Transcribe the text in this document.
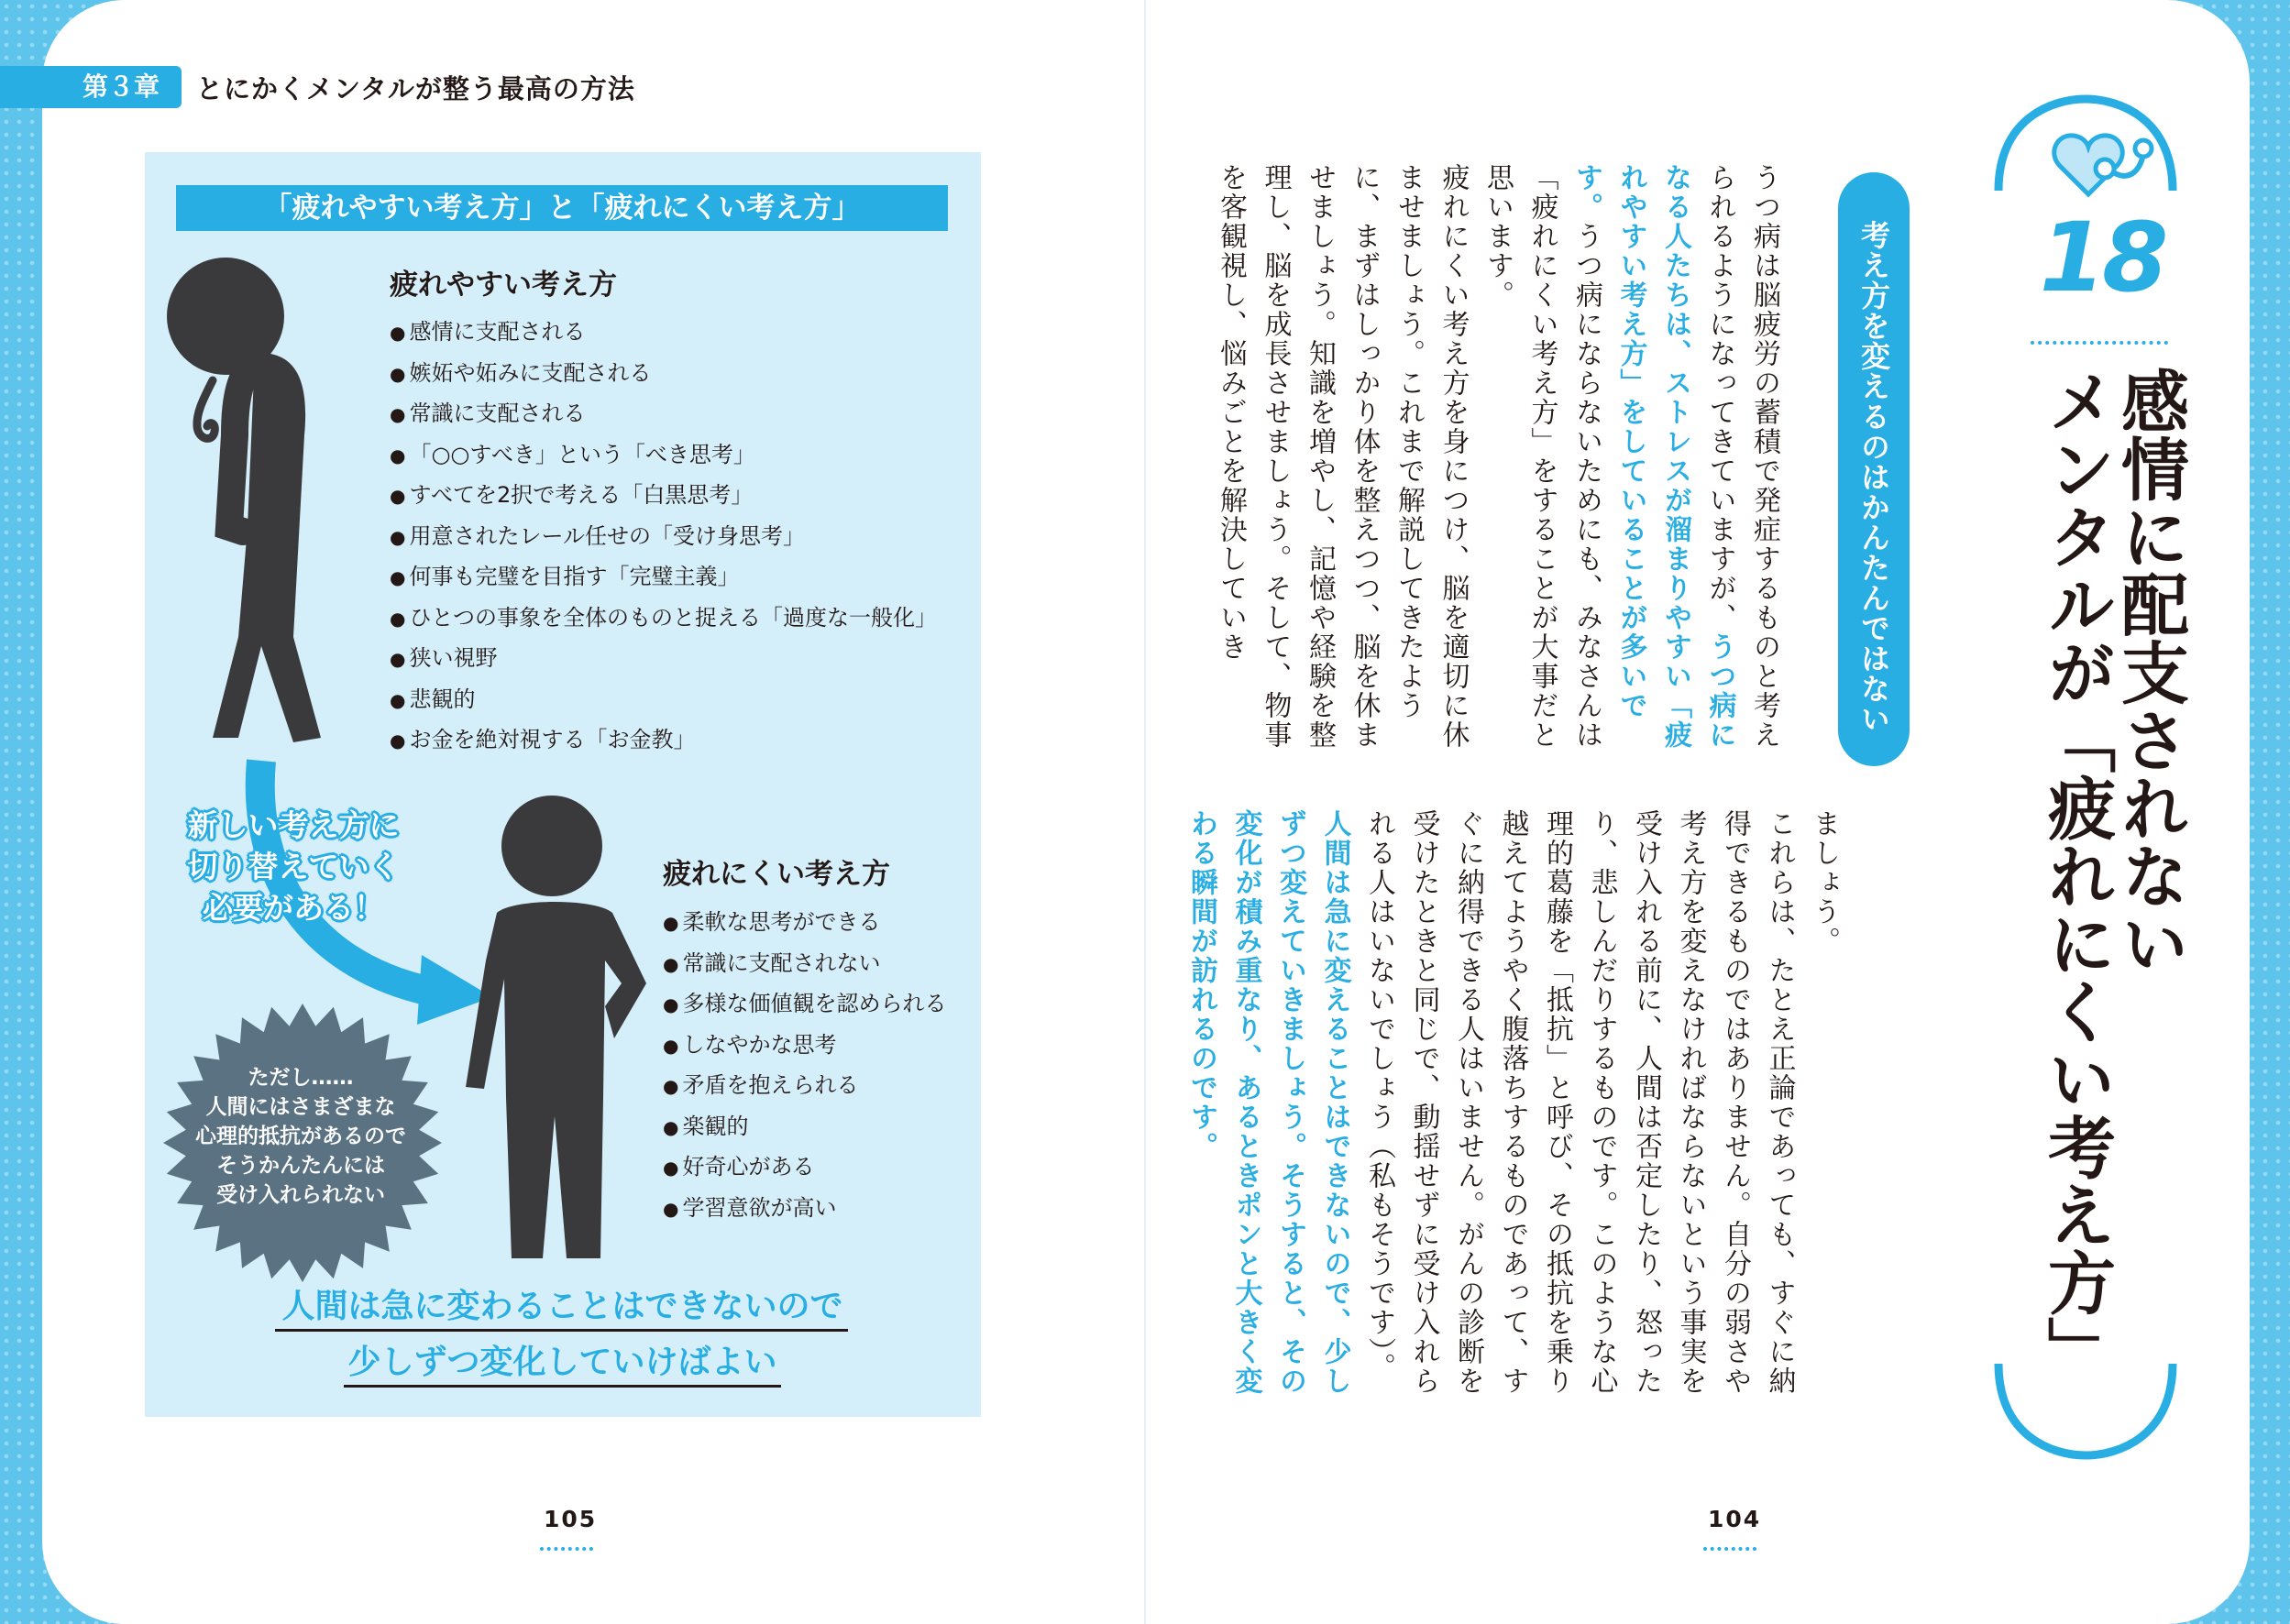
第３章	とにかくメンタルが整う最高の方法
「疲れやすい考え方」と「疲れにくい考え方」
疲れやすい考え方
● 感情に支配される
● 嫉妬や妬みに支配される
● 常識に支配される
● 「○○すべき」という「べき思考」
● すべてを2択で考える「白黒思考」
● 用意されたレール任せの「受け身思考」
● 何事も完璧を目指す「完璧主義」
● ひとつの事象を全体のものと捉える「過度な一般化」
● 狭い視野
● 悲観的
● お金を絶対視する「お金教」
新しい考え方に
切り替えていく
必要がある！
疲れにくい考え方
● 柔軟な思考ができる
● 常識に支配されない
● 多様な価値観を認められる
● しなやかな思考
● 矛盾を抱えられる
● 楽観的
● 好奇心がある
● 学習意欲が高い
ただし……
人間にはさまざまな
心理的抵抗があるので
そうかんたんには
受け入れられない
人間は急に変わることはできないので
少しずつ変化していけばよい
105
うつ病は脳疲労の蓄積で発症するものと考えられるようになってきていますが、うつ病になる人たちは、ストレスが溜まりやすい「疲れやすい考え方」をしていることが多いです。うつ病にならないためにも、みなさんは「疲れにくい考え方」をすることが大事だと思います。
疲れにくい考え方を身につけ、脳を適切に休ませましょう。これまで解説してきたように、まずはしっかり体を整えつつ、脳を休ませましょう。知識を増やし、記憶や経験を整理し、脳を成長させましょう。そして、物事を客観視し、悩みごとを解決していき
ましょう。
これらは、たとえ正論であっても、すぐに納得できるものではありません。自分の弱さや考え方を変えなければならないという事実を受け入れる前に、人間は否定したり、怒ったり、悲しんだりするものです。このような心理的葛藤を「抵抗」と呼び、その抵抗を乗り越えてようやく腹落ちするものであって、すぐに納得できる人はいません。がんの診断を受けたときと同じで、動揺せずに受け入れられる人はいないでしょう（私もそうです）。
人間は急に変えることはできないので、少しずつ変えていきましょう。そうすると、その変化が積み重なり、あるときポンと大きく変わる瞬間が訪れるのです。
考え方を変えるのはかんたんではない 18
感情に配支されない
メンタルが「疲れにくい考え方」
104
